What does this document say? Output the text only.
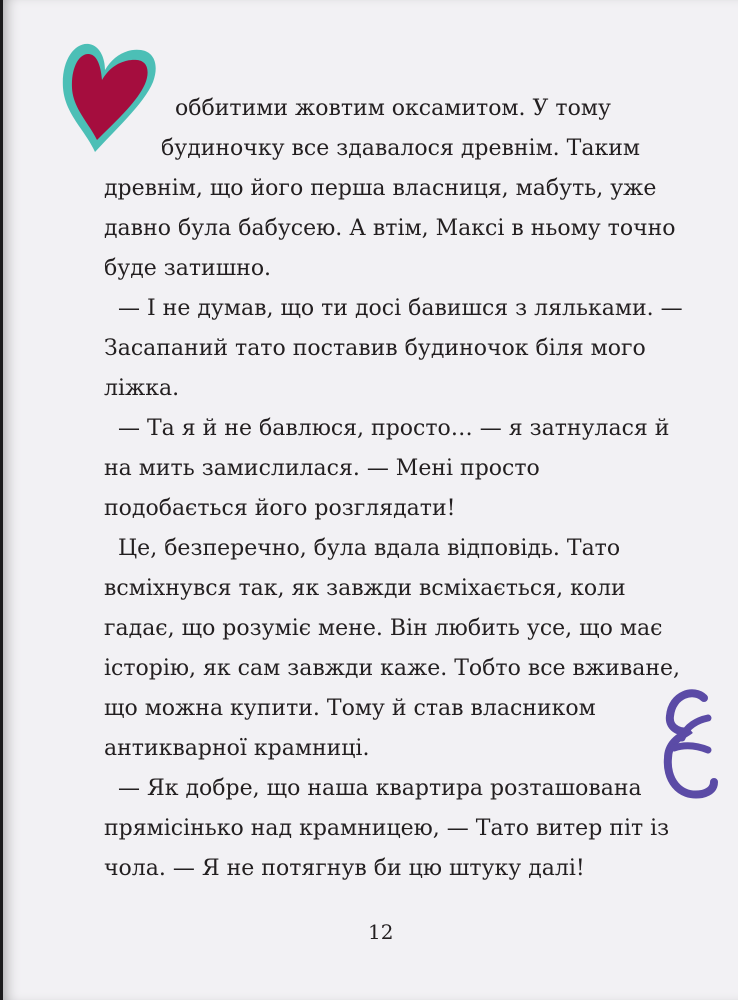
оббитими жовтим оксамитом. У тому

будиночку все здавалося древнім. Таким

древнім, що його перша власниця, мабуть, уже

давно була бабусею. А втім, Максі в ньому точно

буде затишно.

— І не думав, що ти досі бавишся з ляльками. —

Засапаний тато поставив будиночок біля мого

ліжка.

— Та я й не бавлюся, просто… — я затнулася й

на мить замислилася. — Мені просто

подобається його розглядати!

Це, безперечно, була вдала відповідь. Тато

всміхнувся так, як завжди всміхається, коли

гадає, що розуміє мене. Він любить усе, що має

історію, як сам завжди каже. Тобто все вживане,

що можна купити. Тому й став власником

антикварної крамниці.

— Як добре, що наша квартира розташована

прямісінько над крамницею, — Тато витер піт із

чола. — Я не потягнув би цю штуку далі!

12
